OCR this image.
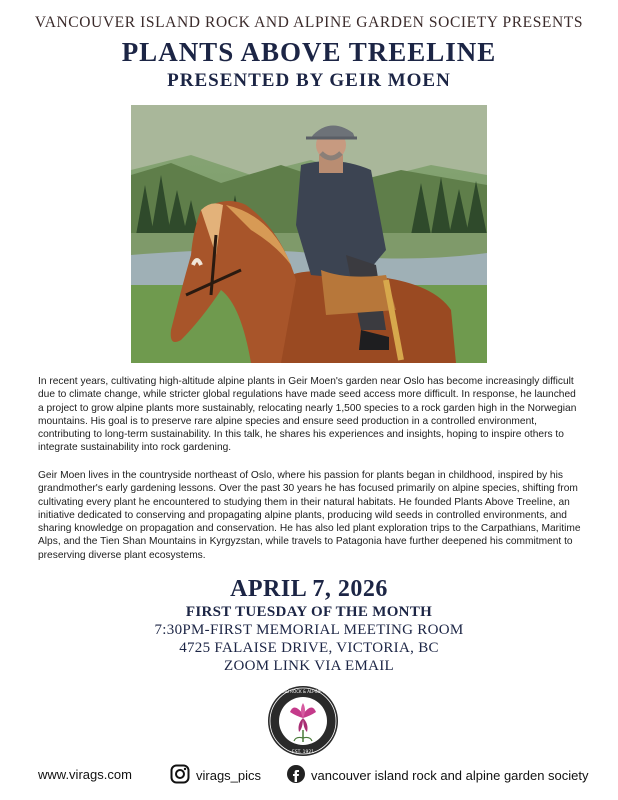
VANCOUVER ISLAND ROCK AND ALPINE GARDEN SOCIETY PRESENTS
PLANTS ABOVE TREELINE
PRESENTED BY GEIR MOEN
In recent years, cultivating high-altitude alpine plants in Geir Moen's garden near Oslo has become increasingly difficult due to climate change, while stricter global regulations have made seed access more difficult. In response, he launched a project to grow alpine plants more sustainably, relocating nearly 1,500 species to a rock garden high in the Norwegian mountains. His goal is to preserve rare alpine species and ensure seed production in a controlled environment, contributing to long-term sustainability. In this talk, he shares his experiences and insights, hoping to inspire others to integrate sustainability into rock gardening.
Geir Moen lives in the countryside northeast of Oslo, where his passion for plants began in childhood, inspired by his grandmother's early gardening lessons. Over the past 30 years he has focused primarily on alpine species, shifting from cultivating every plant he encountered to studying them in their natural habitats. He founded Plants Above Treeline, an initiative dedicated to conserving and propagating alpine plants, producing wild seeds in controlled environments, and sharing knowledge on propagation and conservation. He has also led plant exploration trips to the Carpathians, Maritime Alps, and the Tien Shan Mountains in Kyrgyzstan, while travels to Patagonia have further deepened his commitment to preserving diverse plant ecosystems.
APRIL 7, 2026
FIRST TUESDAY OF THE MONTH
7:30PM-FIRST MEMORIAL MEETING ROOM
4725 FALAISE DRIVE, VICTORIA, BC
ZOOM LINK VIA EMAIL
VANCOUVER ISLAND ROCK & ALPINE GARDEN SOCIETY
EST. 1921
www.virags.com	virags_pics	vancouver island rock and alpine garden society
